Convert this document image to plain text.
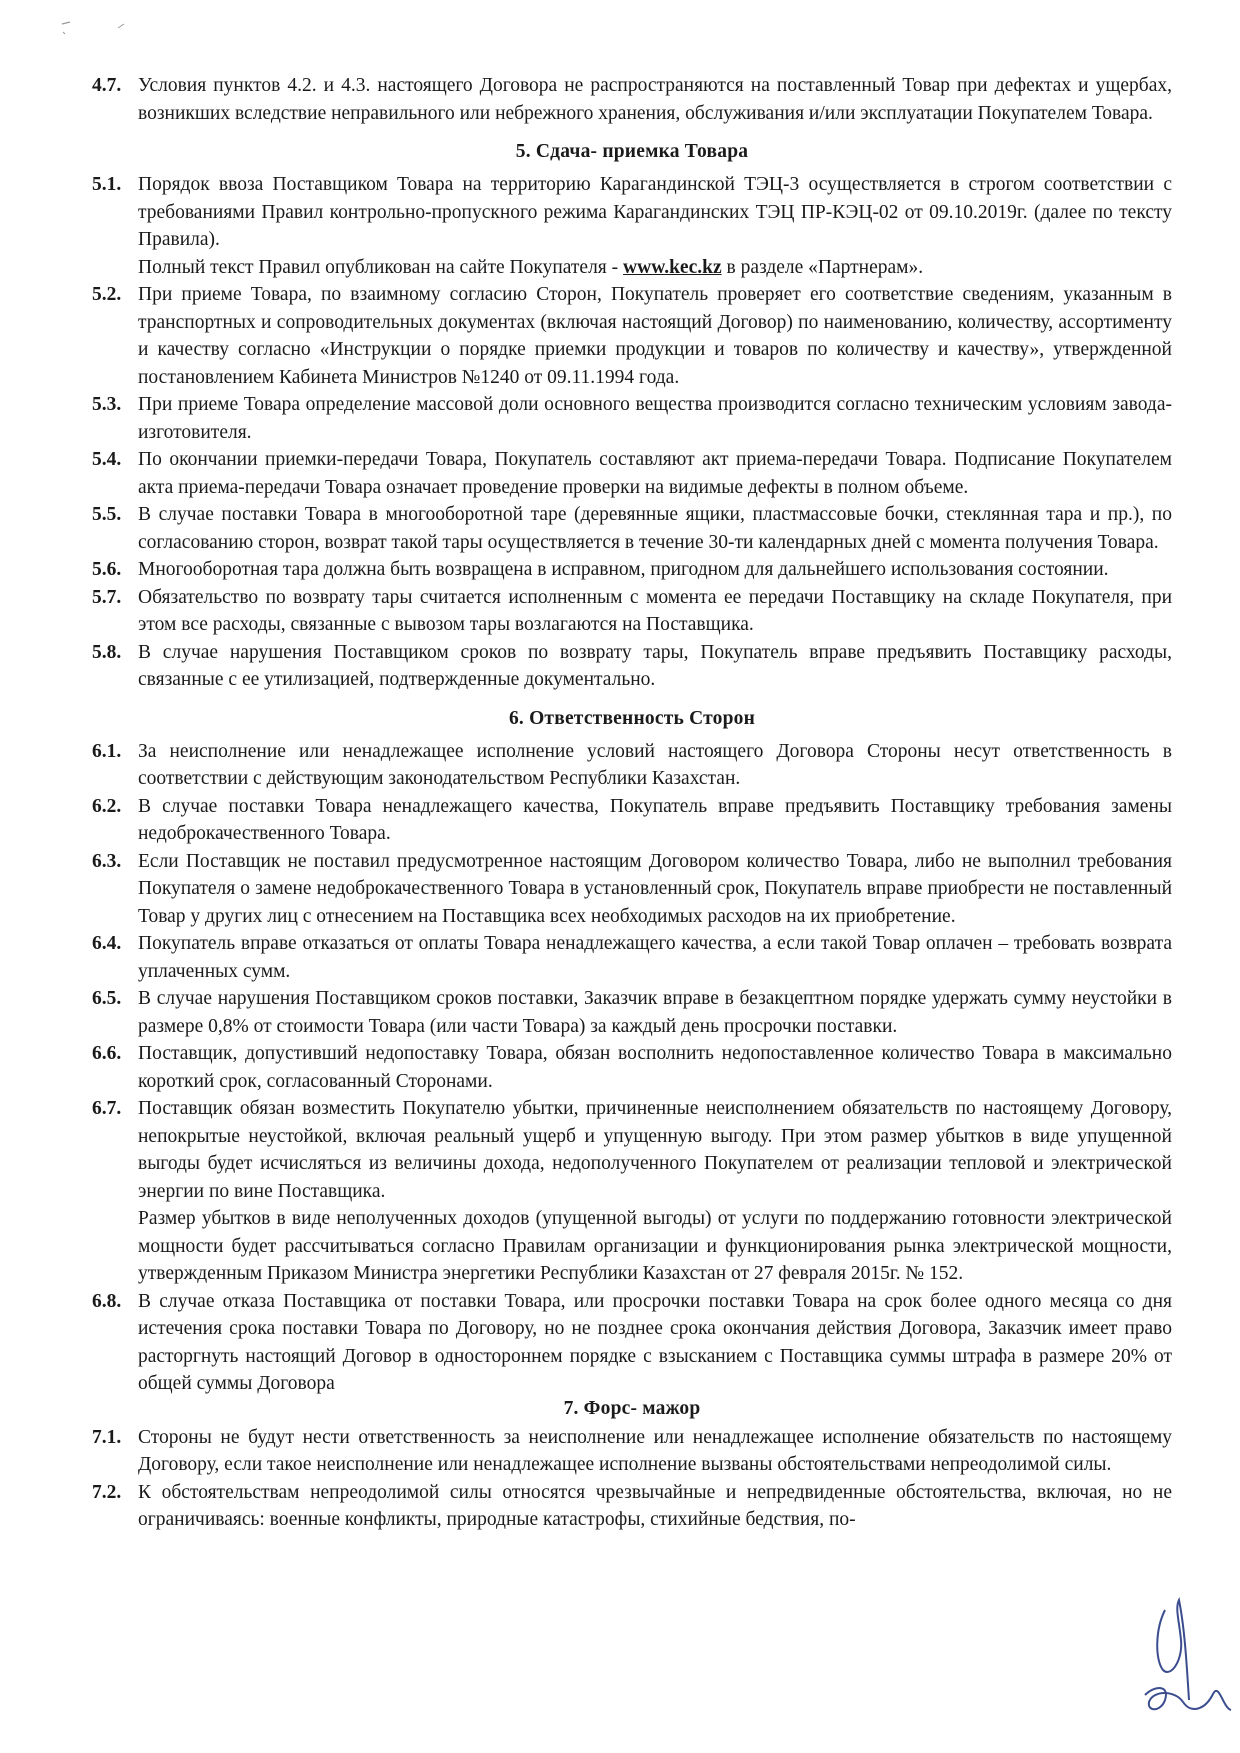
4.7. Условия пунктов 4.2. и 4.3. настоящего Договора не распространяются на поставленный Товар при дефектах и ущербах, возникших вследствие неправильного или небрежного хранения, обслуживания и/или эксплуатации Покупателем Товара.

5. Сдача- приемка Товара
5.1. Порядок ввоза Поставщиком Товара на территорию Карагандинской ТЭЦ-3 осуществляется в строгом соответствии с требованиями Правил контрольно-пропускного режима Карагандинских ТЭЦ ПР-КЭЦ-02 от 09.10.2019г. (далее по тексту Правила).

Полный текст Правил опубликован на сайте Покупателя - www.kec.kz в разделе «Партнерам».

5.2. При приеме Товара, по взаимному согласию Сторон, Покупатель проверяет его соответствие сведениям, указанным в транспортных и сопроводительных документах (включая настоящий Договор) по наименованию, количеству, ассортименту и качеству согласно «Инструкции о порядке приемки продукции и товаров по количеству и качеству», утвержденной постановлением Кабинета Министров №1240 от 09.11.1994 года.

5.3. При приеме Товара определение массовой доли основного вещества производится согласно техническим условиям завода-изготовителя.

5.4. По окончании приемки-передачи Товара, Покупатель составляют акт приема-передачи Товара. Подписание Покупателем акта приема-передачи Товара означает проведение проверки на видимые дефекты в полном объеме.

5.5. В случае поставки Товара в многооборотной таре (деревянные ящики, пластмассовые бочки, стеклянная тара и пр.), по согласованию сторон, возврат такой тары осуществляется в течение 30-ти календарных дней с момента получения Товара.

5.6. Многооборотная тара должна быть возвращена в исправном, пригодном для дальнейшего использования состоянии.

5.7. Обязательство по возврату тары считается исполненным с момента ее передачи Поставщику на складе Покупателя, при этом все расходы, связанные с вывозом тары возлагаются на Поставщика.

5.8. В случае нарушения Поставщиком сроков по возврату тары, Покупатель вправе предъявить Поставщику расходы, связанные с ее утилизацией, подтвержденные документально.

6. Ответственность Сторон
6.1. За неисполнение или ненадлежащее исполнение условий настоящего Договора Стороны несут ответственность в соответствии с действующим законодательством Республики Казахстан.

6.2. В случае поставки Товара ненадлежащего качества, Покупатель вправе предъявить Поставщику требования замены недоброкачественного Товара.

6.3. Если Поставщик не поставил предусмотренное настоящим Договором количество Товара, либо не выполнил требования Покупателя о замене недоброкачественного Товара в установленный срок, Покупатель вправе приобрести не поставленный Товар у других лиц с отнесением на Поставщика всех необходимых расходов на их приобретение.

6.4. Покупатель вправе отказаться от оплаты Товара ненадлежащего качества, а если такой Товар оплачен – требовать возврата уплаченных сумм.

6.5. В случае нарушения Поставщиком сроков поставки, Заказчик вправе в безакцептном порядке удержать сумму неустойки в размере 0,8% от стоимости Товара (или части Товара) за каждый день просрочки поставки.

6.6. Поставщик, допустивший недопоставку Товара, обязан восполнить недопоставленное количество Товара в максимально короткий срок, согласованный Сторонами.

6.7. Поставщик обязан возместить Покупателю убытки, причиненные неисполнением обязательств по настоящему Договору, непокрытые неустойкой, включая реальный ущерб и упущенную выгоду. При этом размер убытков в виде упущенной выгоды будет исчисляться из величины дохода, недополученного Покупателем от реализации тепловой и электрической энергии по вине Поставщика.

Размер убытков в виде неполученных доходов (упущенной выгоды) от услуги по поддержанию готовности электрической мощности будет рассчитываться согласно Правилам организации и функционирования рынка электрической мощности, утвержденным Приказом Министра энергетики Республики Казахстан от 27 февраля 2015г. № 152.

6.8. В случае отказа Поставщика от поставки Товара, или просрочки поставки Товара на срок более одного месяца со дня истечения срока поставки Товара по Договору, но не позднее срока окончания действия Договора, Заказчик имеет право расторгнуть настоящий Договор в одностороннем порядке с взысканием с Поставщика суммы штрафа в размере 20% от общей суммы Договора

7. Форс- мажор
7.1. Стороны не будут нести ответственность за неисполнение или ненадлежащее исполнение обязательств по настоящему Договору, если такое неисполнение или ненадлежащее исполнение вызваны обстоятельствами непреодолимой силы.

7.2. К обстоятельствам непреодолимой силы относятся чрезвычайные и непредвиденные обстоятельства, включая, но не ограничиваясь: военные конфликты, природные катастрофы, стихийные бедствия, по-
